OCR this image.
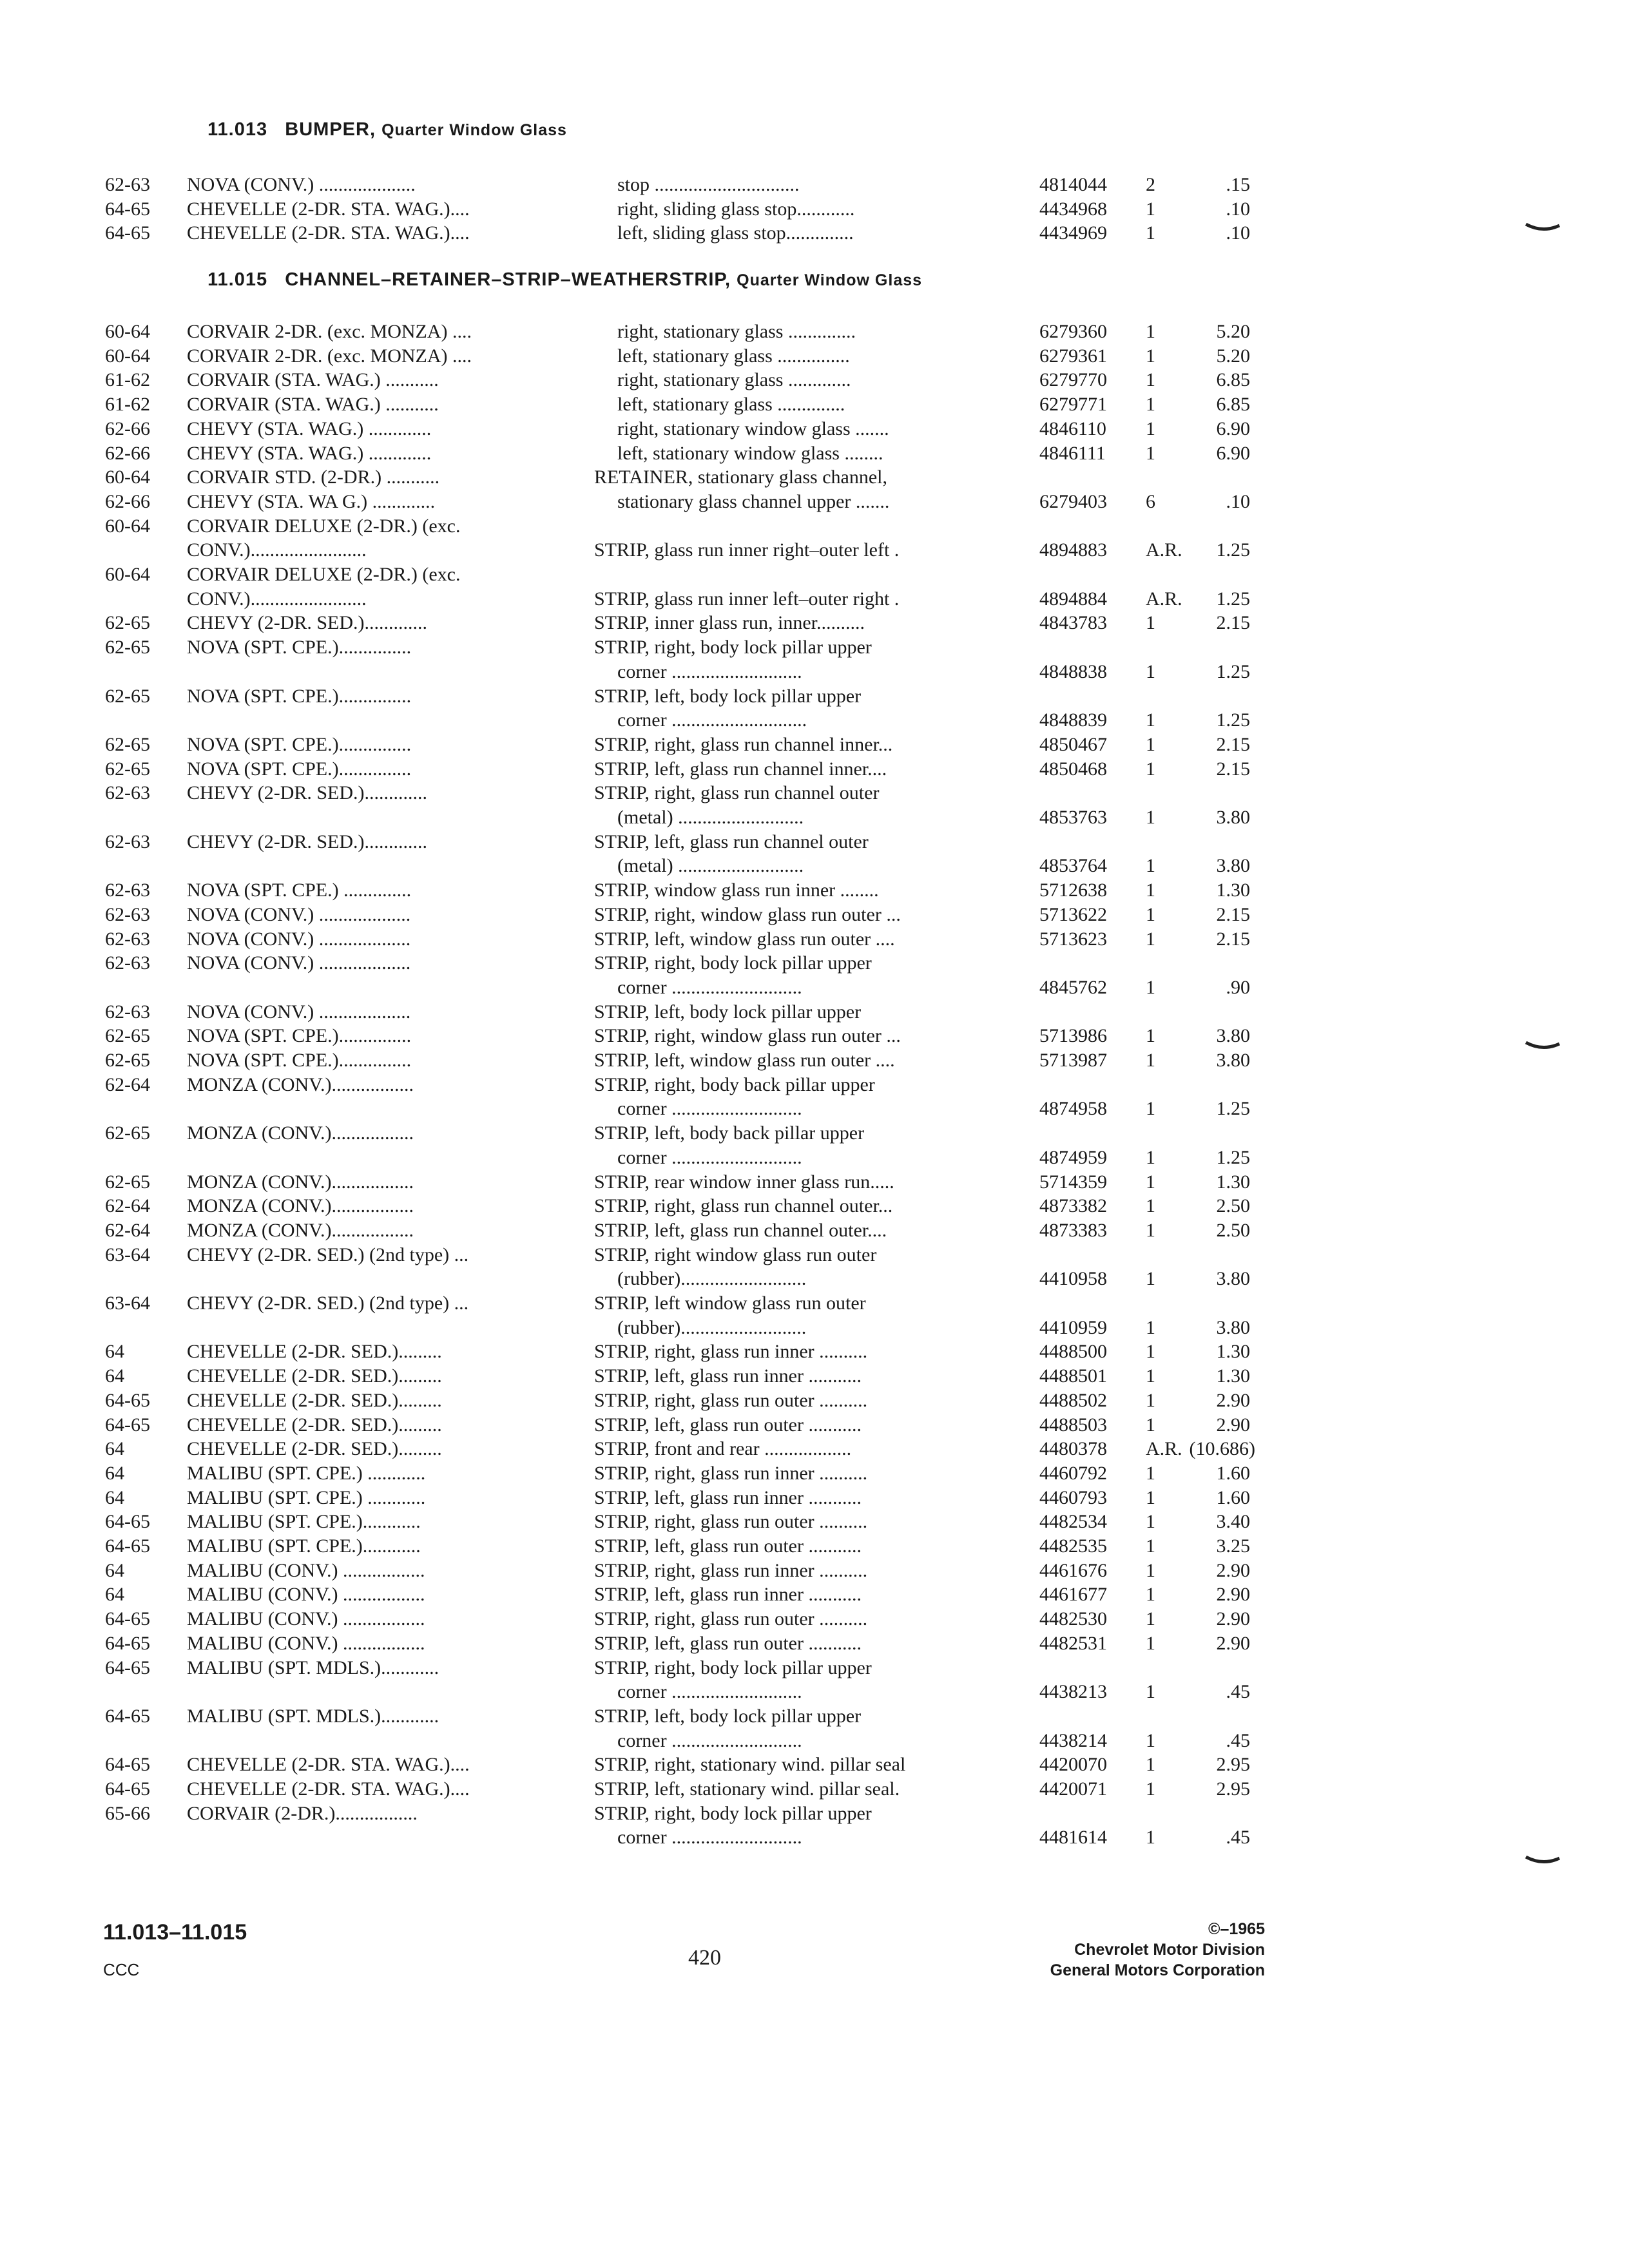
11.013 BUMPER, Quarter Window Glass
62-63 NOVA (CONV.) ....................	stop ..............................	4814044 2	.15
64-65 CHEVELLE (2-DR. STA. WAG.)....	right, sliding glass stop............	4434968 1	.10
64-65 CHEVELLE (2-DR. STA. WAG.)....	left, sliding glass stop..............	4434969 1	.10
11.015 CHANNEL–RETAINER–STRIP–WEATHERSTRIP, Quarter Window Glass
60-64 CORVAIR 2-DR. (exc. MONZA) ....	right, stationary glass ..............	6279360 1	5.20
60-64 CORVAIR 2-DR. (exc. MONZA) ....	left, stationary glass ...............	6279361 1	5.20
61-62 CORVAIR (STA. WAG.) ...........	right, stationary glass .............	6279770 1	6.85
61-62 CORVAIR (STA. WAG.) ...........	left, stationary glass ..............	6279771 1	6.85
62-66 CHEVY (STA. WAG.) .............	right, stationary window glass .......	4846110 1	6.90
62-66 CHEVY (STA. WAG.) .............	left, stationary window glass ........	4846111 1	6.90
60-64 CORVAIR STD. (2-DR.) ...........	RETAINER, stationary glass channel,
62-66 CHEVY (STA. WA G.) .............	stationary glass channel upper .......	6279403 6	.10
60-64 CORVAIR DELUXE (2-DR.) (exc.
CONV.)........................	STRIP, glass run inner right–outer left .	4894883 A.R.	1.25
60-64 CORVAIR DELUXE (2-DR.) (exc.
CONV.)........................	STRIP, glass run inner left–outer right .	4894884 A.R.	1.25
62-65 CHEVY (2-DR. SED.).............	STRIP, inner glass run, inner..........	4843783 1	2.15
62-65 NOVA (SPT. CPE.)...............	STRIP, right, body lock pillar upper
corner ...........................	4848838 1	1.25
62-65 NOVA (SPT. CPE.)...............	STRIP, left, body lock pillar upper
corner ............................	4848839 1	1.25
62-65 NOVA (SPT. CPE.)...............	STRIP, right, glass run channel inner...	4850467 1	2.15
62-65 NOVA (SPT. CPE.)...............	STRIP, left, glass run channel inner....	4850468 1	2.15
62-63 CHEVY (2-DR. SED.).............	STRIP, right, glass run channel outer
(metal) ..........................	4853763 1	3.80
62-63 CHEVY (2-DR. SED.).............	STRIP, left, glass run channel outer
(metal) ..........................	4853764 1	3.80
62-63 NOVA (SPT. CPE.) ..............	STRIP, window glass run inner ........	5712638 1	1.30
62-63 NOVA (CONV.) ...................	STRIP, right, window glass run outer ...	5713622 1	2.15
62-63 NOVA (CONV.) ...................	STRIP, left, window glass run outer ....	5713623 1	2.15
62-63 NOVA (CONV.) ...................	STRIP, right, body lock pillar upper
corner ...........................	4845762 1	.90
62-63 NOVA (CONV.) ...................	STRIP, left, body lock pillar upper
62-65 NOVA (SPT. CPE.)...............	STRIP, right, window glass run outer ...	5713986 1	3.80
62-65 NOVA (SPT. CPE.)...............	STRIP, left, window glass run outer ....	5713987 1	3.80
62-64 MONZA (CONV.).................	STRIP, right, body back pillar upper
corner ...........................	4874958 1	1.25
62-65 MONZA (CONV.).................	STRIP, left, body back pillar upper
corner ...........................	4874959 1	1.25
62-65 MONZA (CONV.).................	STRIP, rear window inner glass run.....	5714359 1	1.30
62-64 MONZA (CONV.).................	STRIP, right, glass run channel outer...	4873382 1	2.50
62-64 MONZA (CONV.).................	STRIP, left, glass run channel outer....	4873383 1	2.50
63-64 CHEVY (2-DR. SED.) (2nd type) ...	STRIP, right window glass run outer
(rubber)..........................	4410958 1	3.80
63-64 CHEVY (2-DR. SED.) (2nd type) ...	STRIP, left window glass run outer
(rubber)..........................	4410959 1	3.80
64	CHEVELLE (2-DR. SED.).........	STRIP, right, glass run inner ..........	4488500 1	1.30
64	CHEVELLE (2-DR. SED.).........	STRIP, left, glass run inner ...........	4488501 1	1.30
64-65 CHEVELLE (2-DR. SED.).........	STRIP, right, glass run outer ..........	4488502 1	2.90
64-65 CHEVELLE (2-DR. SED.).........	STRIP, left, glass run outer ...........	4488503 1	2.90
64	CHEVELLE (2-DR. SED.).........	STRIP, front and rear ..................	4480378 A.R. (10.686)
64	MALIBU (SPT. CPE.) ............	STRIP, right, glass run inner ..........	4460792 1	1.60
64	MALIBU (SPT. CPE.) ............	STRIP, left, glass run inner ...........	4460793 1	1.60
64-65 MALIBU (SPT. CPE.)............	STRIP, right, glass run outer ..........	4482534 1	3.40
64-65 MALIBU (SPT. CPE.)............	STRIP, left, glass run outer ...........	4482535 1	3.25
64	MALIBU (CONV.) .................	STRIP, right, glass run inner ..........	4461676 1	2.90
64	MALIBU (CONV.) .................	STRIP, left, glass run inner ...........	4461677 1	2.90
64-65 MALIBU (CONV.) .................	STRIP, right, glass run outer ..........	4482530 1	2.90
64-65 MALIBU (CONV.) .................	STRIP, left, glass run outer ...........	4482531 1	2.90
64-65 MALIBU (SPT. MDLS.)............	STRIP, right, body lock pillar upper
corner ...........................	4438213 1	.45
64-65 MALIBU (SPT. MDLS.)............	STRIP, left, body lock pillar upper
corner ...........................	4438214 1	.45
64-65 CHEVELLE (2-DR. STA. WAG.)....	STRIP, right, stationary wind. pillar seal	4420070 1	2.95
64-65 CHEVELLE (2-DR. STA. WAG.)....	STRIP, left, stationary wind. pillar seal.	4420071 1	2.95
65-66 CORVAIR (2-DR.).................	STRIP, right, body lock pillar upper
corner ...........................	4481614 1	.45
11.013–11.015
CCC	420
©–1965
Chevrolet Motor Division
General Motors Corporation
